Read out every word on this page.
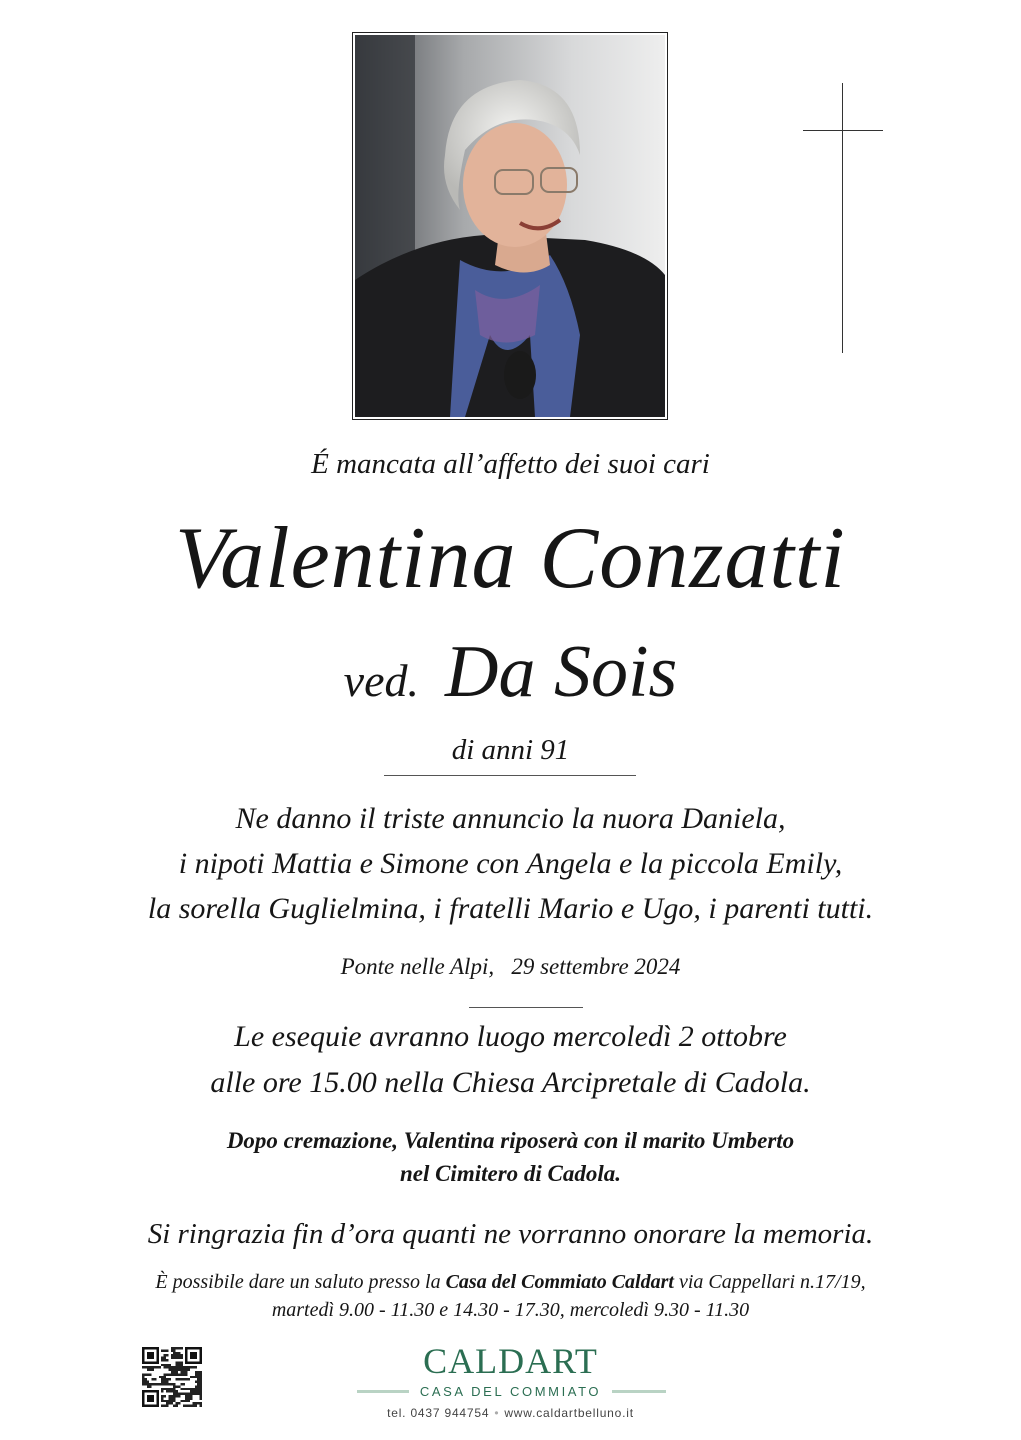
É mancata all’affetto dei suoi cari
Valentina Conzatti
ved. Da Sois
di anni 91
Ne danno il triste annuncio la nuora Daniela,
i nipoti Mattia e Simone con Angela e la piccola Emily,
la sorella Guglielmina, i fratelli Mario e Ugo, i parenti tutti.
Ponte nelle Alpi, 29 settembre 2024
Le esequie avranno luogo mercoledì 2 ottobre
alle ore 15.00 nella Chiesa Arcipretale di Cadola.
Dopo cremazione, Valentina riposerà con il marito Umberto
nel Cimitero di Cadola.
Si ringrazia fin d’ora quanti ne vorranno onorare la memoria.
È possibile dare un saluto presso la Casa del Commiato Caldart via Cappellari n.17/19,
martedì 9.00 - 11.30 e 14.30 - 17.30, mercoledì 9.30 - 11.30
CALDART
CASA DEL COMMIATO
tel. 0437 944754 • www.caldartbelluno.it
